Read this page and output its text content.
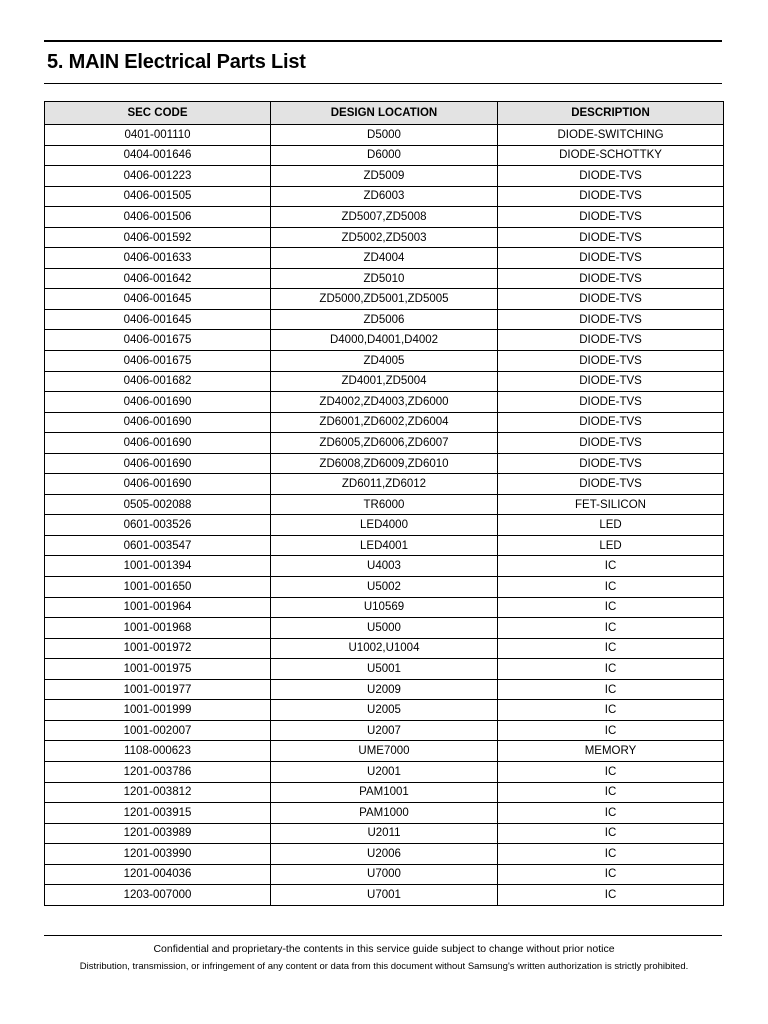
5. MAIN Electrical Parts List
SEC CODE	DESIGN LOCATION	DESCRIPTION
0401-001110	D5000	DIODE-SWITCHING
0404-001646	D6000	DIODE-SCHOTTKY
0406-001223	ZD5009	DIODE-TVS
0406-001505	ZD6003	DIODE-TVS
0406-001506	ZD5007,ZD5008	DIODE-TVS
0406-001592	ZD5002,ZD5003	DIODE-TVS
0406-001633	ZD4004	DIODE-TVS
0406-001642	ZD5010	DIODE-TVS
0406-001645	ZD5000,ZD5001,ZD5005	DIODE-TVS
0406-001645	ZD5006	DIODE-TVS
0406-001675	D4000,D4001,D4002	DIODE-TVS
0406-001675	ZD4005	DIODE-TVS
0406-001682	ZD4001,ZD5004	DIODE-TVS
0406-001690	ZD4002,ZD4003,ZD6000	DIODE-TVS
0406-001690	ZD6001,ZD6002,ZD6004	DIODE-TVS
0406-001690	ZD6005,ZD6006,ZD6007	DIODE-TVS
0406-001690	ZD6008,ZD6009,ZD6010	DIODE-TVS
0406-001690	ZD6011,ZD6012	DIODE-TVS
0505-002088	TR6000	FET-SILICON
0601-003526	LED4000	LED
0601-003547	LED4001	LED
1001-001394	U4003	IC
1001-001650	U5002	IC
1001-001964	U10569	IC
1001-001968	U5000	IC
1001-001972	U1002,U1004	IC
1001-001975	U5001	IC
1001-001977	U2009	IC
1001-001999	U2005	IC
1001-002007	U2007	IC
1108-000623	UME7000	MEMORY
1201-003786	U2001	IC
1201-003812	PAM1001	IC
1201-003915	PAM1000	IC
1201-003989	U2011	IC
1201-003990	U2006	IC
1201-004036	U7000	IC
1203-007000	U7001	IC
Confidential and proprietary-the contents in this service guide subject to change without prior notice
Distribution, transmission, or infringement of any content or data from this document without Samsung's written authorization is strictly prohibited.
